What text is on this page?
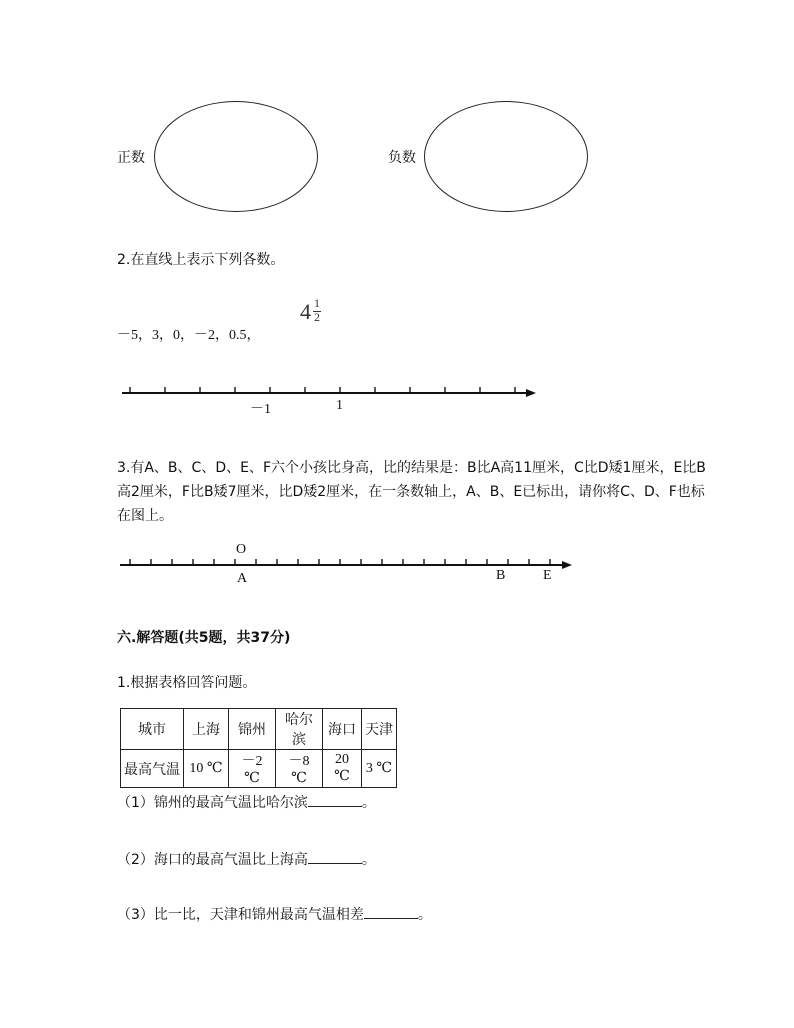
正数	负数
2.在直线上表示下列各数。
4 1
2
－5，3，0，－2，0.5，
－1	1
3.有A、B、C、D、E、F六个小孩比身高，比的结果是：B比A高11厘米，C比D矮1厘米，E比B高2厘米，F比B矮7厘米，比D矮2厘米，在一条数轴上，A、B、E已标出，请你将C、D、F也标在图上。
O
A	B	E
六.解答题(共5题，共37分)
1.根据表格回答问题。
城市	上海	锦州	哈尔滨	海口	天津
最高气温	10 ℃	－2 ℃	－8 ℃	20 ℃	3 ℃
（1）锦州的最高气温比哈尔滨	。
（2）海口的最高气温比上海高	。
（3）比一比，天津和锦州最高气温相差	。
